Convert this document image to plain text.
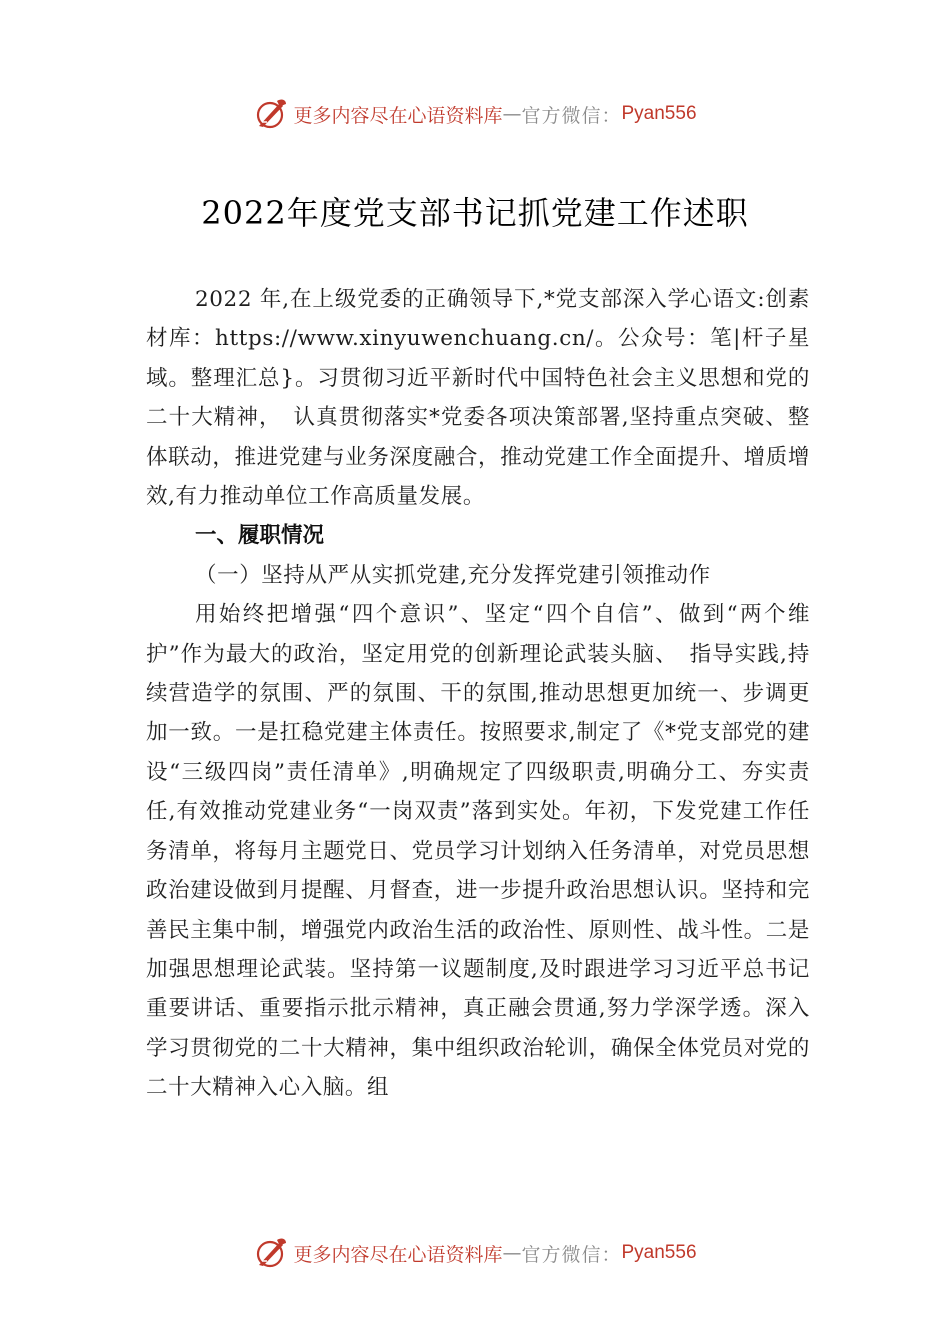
更多内容尽在心语资料库 — 官方微信： Pyan556
2022年度党支部书记抓党建工作述职

2022 年,在上级党委的正确领导下,*党支部深入学心语文:创素材库：https://www.xinyuwenchuang.cn/。公众号：笔|杆子星域。整理汇总}。习贯彻习近平新时代中国特色社会主义思想和党的二十大精神，　认真贯彻落实*党委各项决策部署,坚持重点突破、整体联动，推进党建与业务深度融合，推动党建工作全面提升、增质增效,有力推动单位工作高质量发展。

一、履职情况

（一）坚持从严从实抓党建,充分发挥党建引领推动作

用始终把增强“四个意识”、坚定“四个自信”、做到“两个维护”作为最大的政治，坚定用党的创新理论武装头脑、　指导实践,持续营造学的氛围、严的氛围、干的氛围,推动思想更加统一、步调更加一致。一是扛稳党建主体责任。按照要求,制定了《*党支部党的建设“三级四岗”责任清单》,明确规定了四级职责,明确分工、夯实责任,有效推动党建业务“一岗双责”落到实处。年初，下发党建工作任务清单，将每月主题党日、党员学习计划纳入任务清单，对党员思想政治建设做到月提醒、月督查，进一步提升政治思想认识。坚持和完善民主集中制，增强党内政治生活的政治性、原则性、战斗性。二是加强思想理论武装。坚持第一议题制度,及时跟进学习习近平总书记重要讲话、重要指示批示精神，真正融会贯通,努力学深学透。深入学习贯彻党的二十大精神，集中组织政治轮训，确保全体党员对党的二十大精神入心入脑。组

更多内容尽在心语资料库 — 官方微信： Pyan556
